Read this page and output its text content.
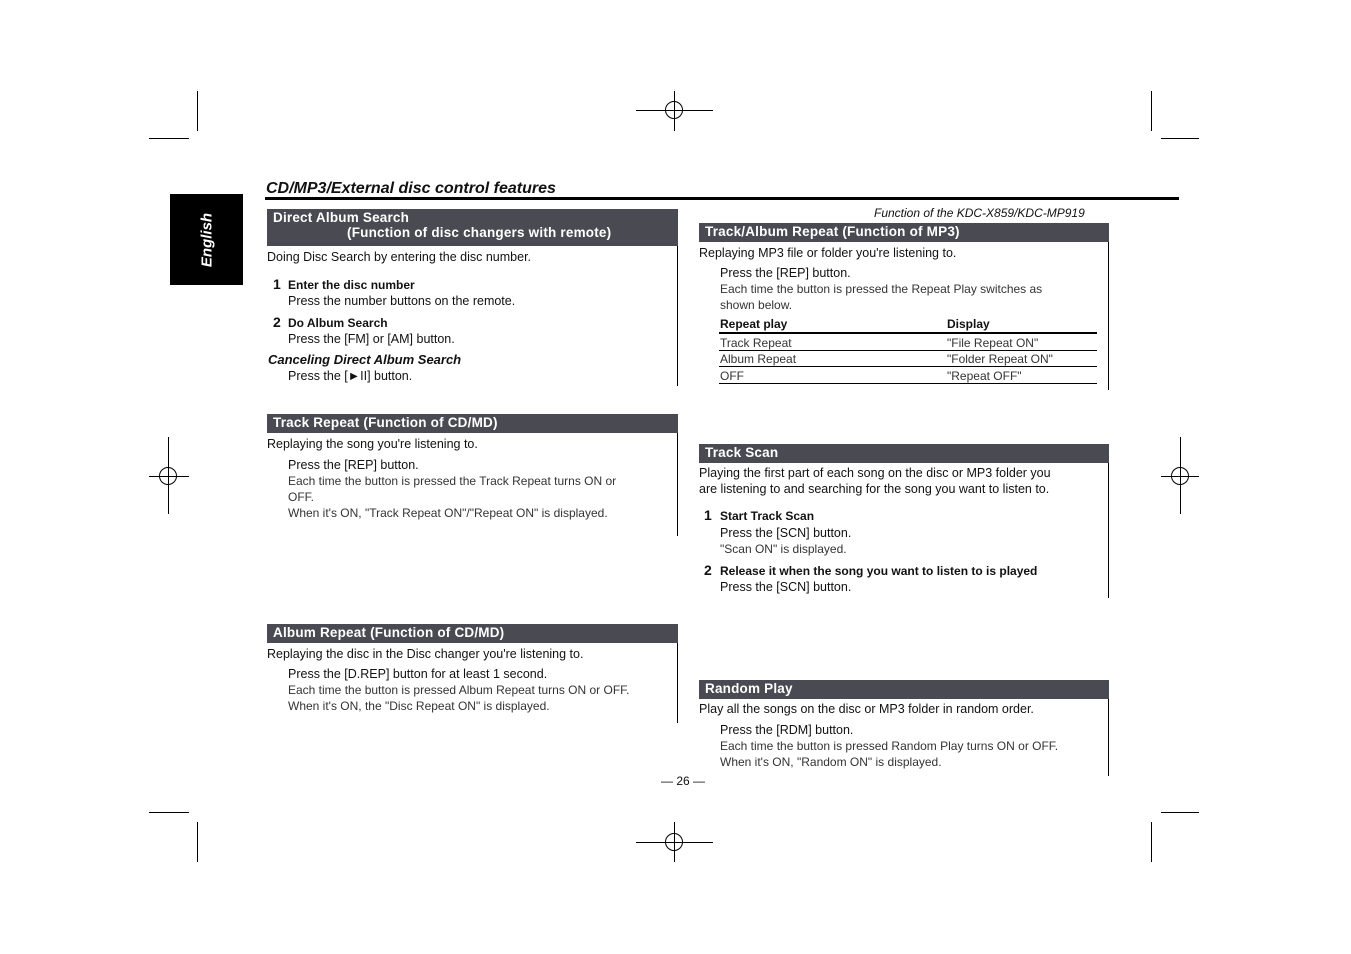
English
CD/MP3/External disc control features
Function of the KDC-X859/KDC-MP919
Direct Album Search
(Function of disc changers with remote)
Doing Disc Search by entering the disc number.
1 Enter the disc number
Press the number buttons on the remote.
2 Do Album Search
Press the [FM] or [AM] button.
Canceling Direct Album Search
Press the [►II] button.
Track Repeat (Function of CD/MD)
Replaying the song you're listening to.
Press the [REP] button.
Each time the button is pressed the Track Repeat turns ON or
OFF.
When it's ON, "Track Repeat ON"/"Repeat ON" is displayed.
Album Repeat (Function of CD/MD)
Replaying the disc in the Disc changer you're listening to.
Press the [D.REP] button for at least 1 second.
Each time the button is pressed Album Repeat turns ON or OFF.
When it's ON, the "Disc Repeat ON" is displayed.
Track/Album Repeat (Function of MP3)
Replaying MP3 file or folder you're listening to.
Press the [REP] button.
Each time the button is pressed the Repeat Play switches as
shown below.
Repeat play	Display
Track Repeat	"File Repeat ON"
Album Repeat	"Folder Repeat ON"
OFF	"Repeat OFF"
Track Scan
Playing the first part of each song on the disc or MP3 folder you
are listening to and searching for the song you want to listen to.
1 Start Track Scan
Press the [SCN] button.
"Scan ON" is displayed.
2 Release it when the song you want to listen to is played
Press the [SCN] button.
Random Play
Play all the songs on the disc or MP3 folder in random order.
Press the [RDM] button.
Each time the button is pressed Random Play turns ON or OFF.
When it's ON, "Random ON" is displayed.
— 26 —
